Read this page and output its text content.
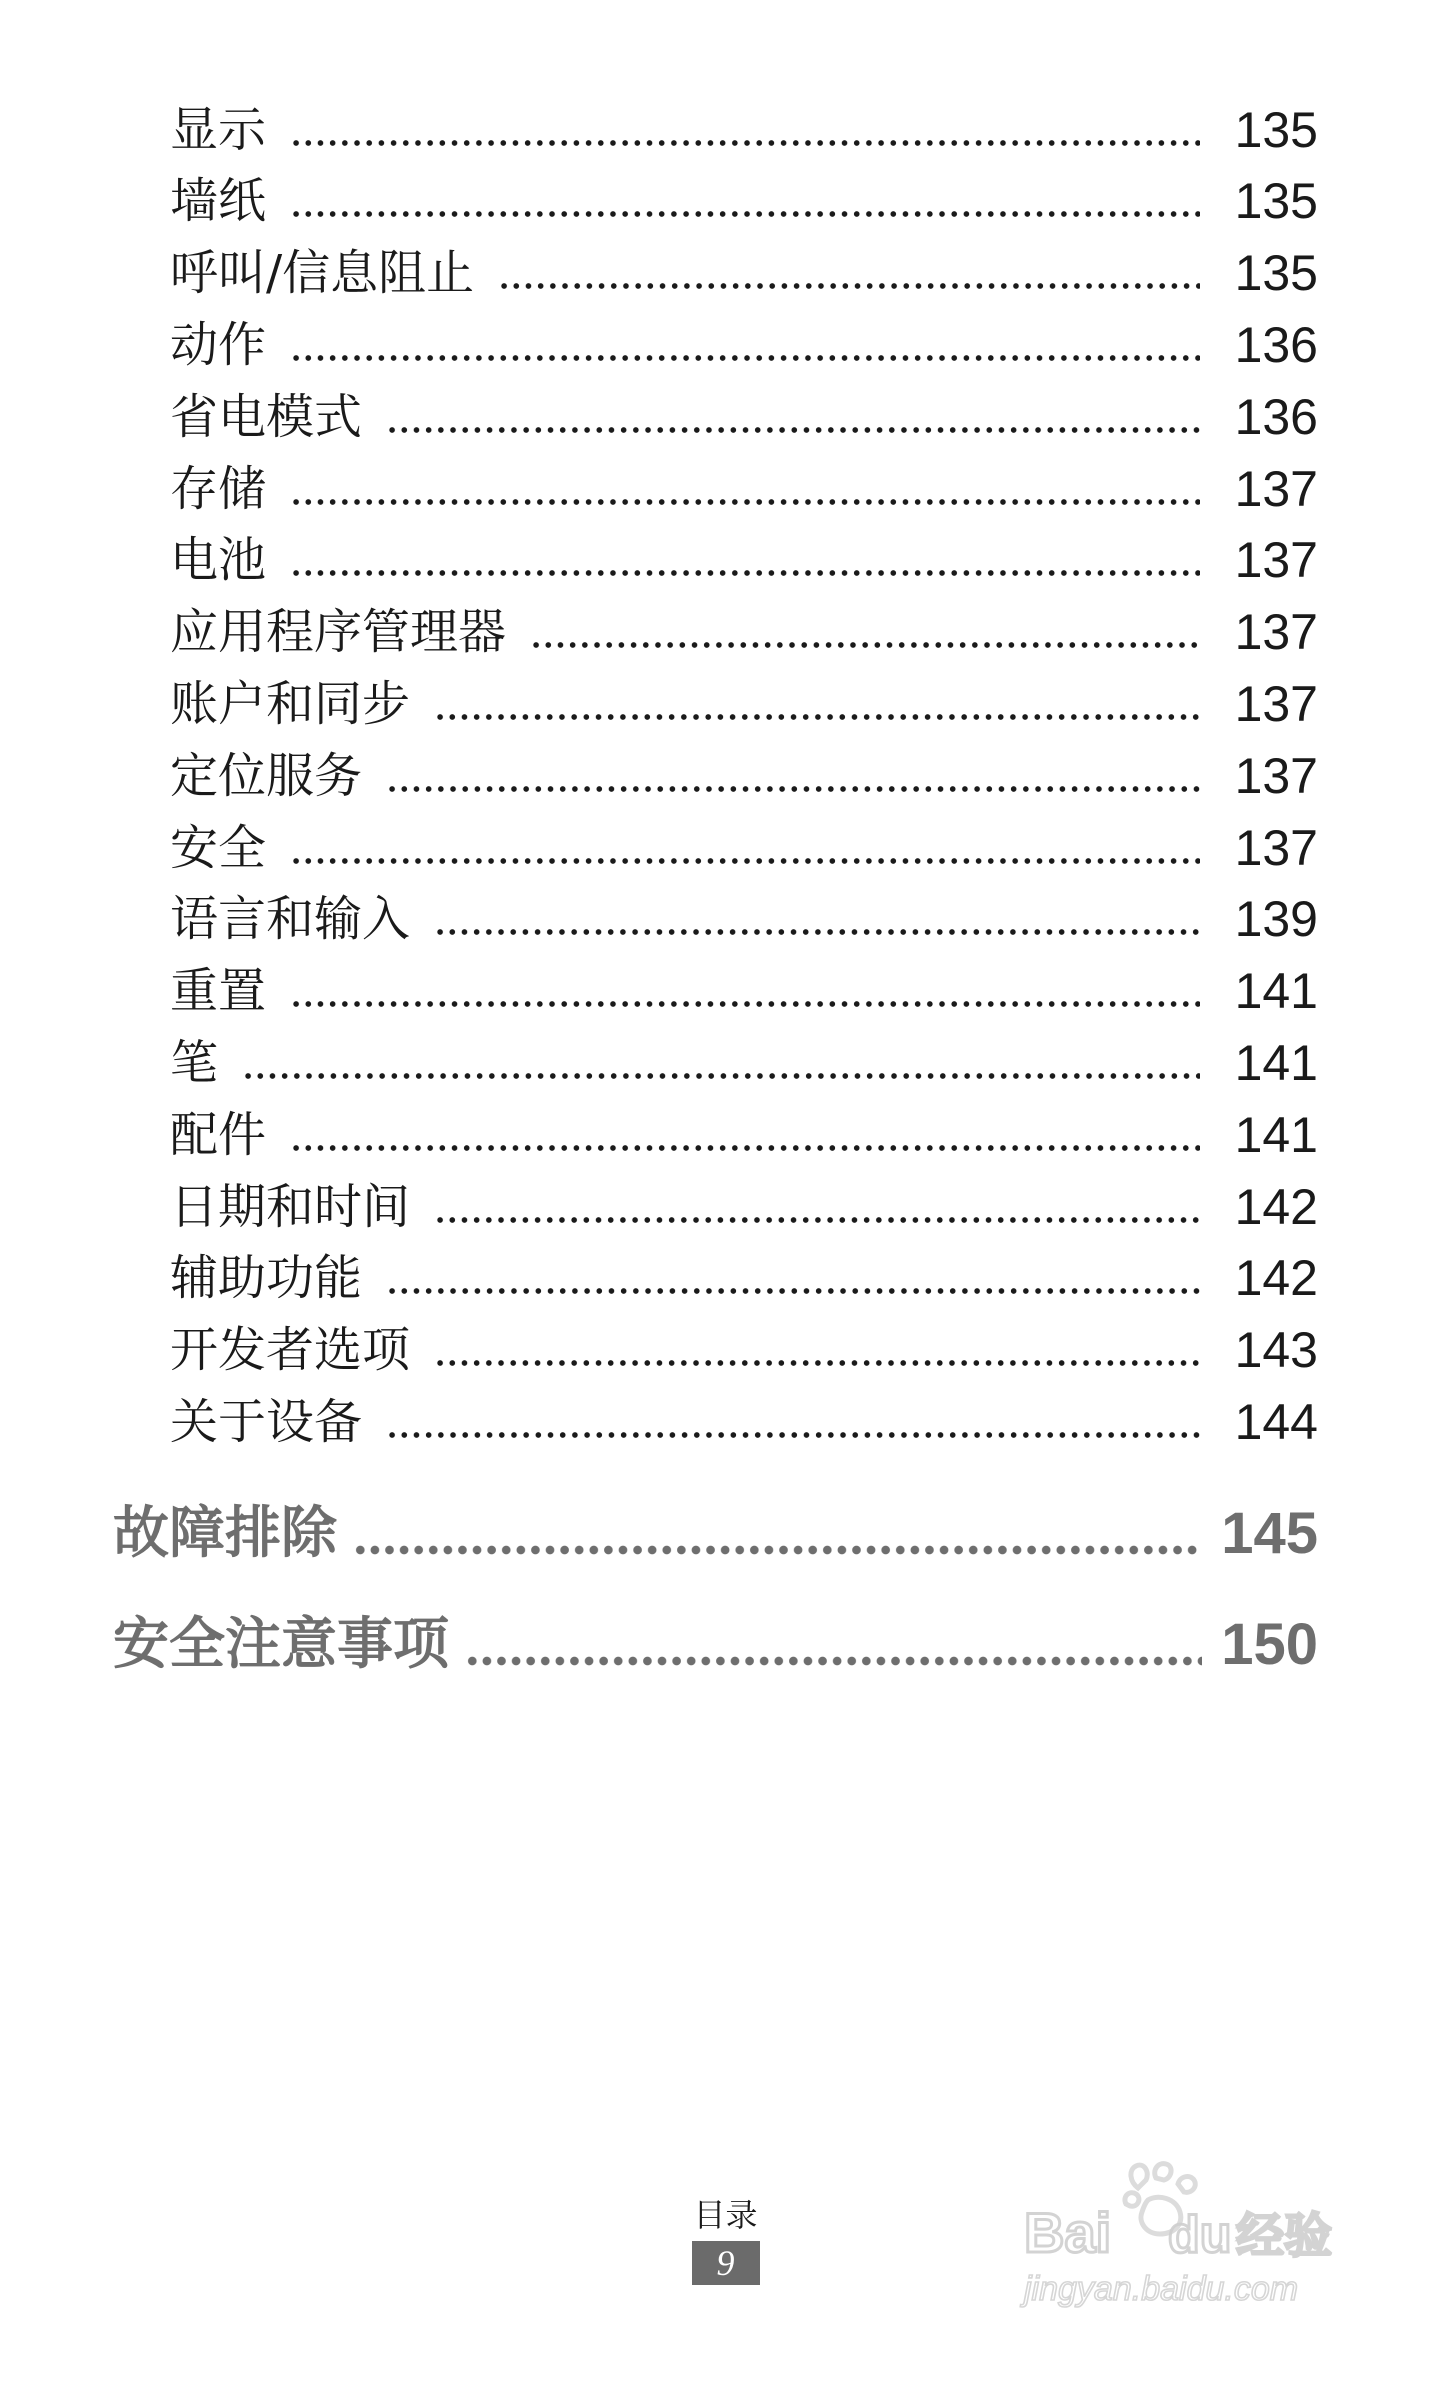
显示	135
墙纸	135
呼叫/信息阻止	135
动作	136
省电模式	136
存储	137
电池	137
应用程序管理器	137
账户和同步	137
定位服务	137
安全	137
语言和输入	139
重置	141
笔	141
配件	141
日期和时间	142
辅助功能	142
开发者选项	143
关于设备	144
故障排除	145
安全注意事项	150
目录
9	Bai du 经验
jingyan.baidu.com
